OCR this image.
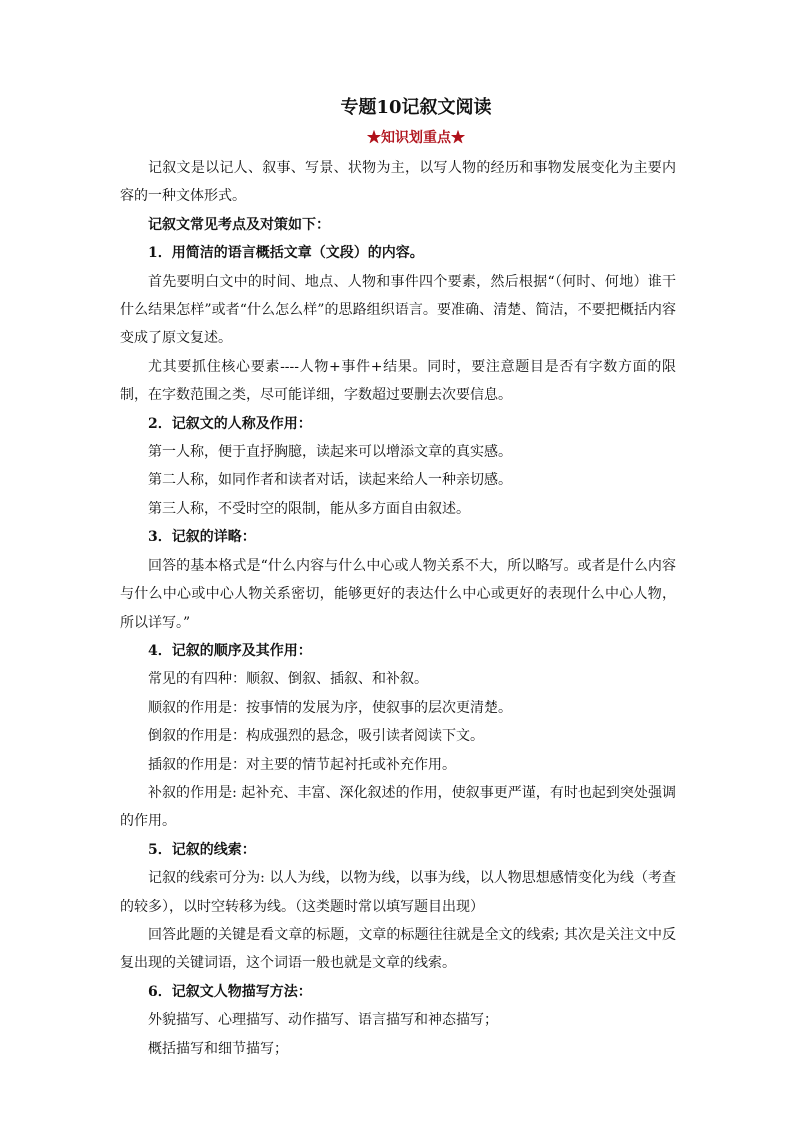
专题10记叙文阅读
★知识划重点★

记叙文是以记人、叙事、写景、状物为主，以写人物的经历和事物发展变化为主要内容的一种文体形式。

记叙文常见考点及对策如下：

1．用简洁的语言概括文章（文段）的内容。

首先要明白文中的时间、地点、人物和事件四个要素，然后根据“（何时、何地）谁干什么结果怎样”或者“什么怎么样”的思路组织语言。要准确、清楚、简洁，不要把概括内容变成了原文复述。

尤其要抓住核心要素----人物+事件+结果。同时，要注意题目是否有字数方面的限制，在字数范围之类，尽可能详细，字数超过要删去次要信息。

2．记叙文的人称及作用：

第一人称，便于直抒胸臆，读起来可以增添文章的真实感。

第二人称，如同作者和读者对话，读起来给人一种亲切感。

第三人称，不受时空的限制，能从多方面自由叙述。

3．记叙的详略：

回答的基本格式是“什么内容与什么中心或人物关系不大，所以略写。或者是什么内容与什么中心或中心人物关系密切，能够更好的表达什么中心或更好的表现什么中心人物，所以详写。”

4．记叙的顺序及其作用：

常见的有四种：顺叙、倒叙、插叙、和补叙。

顺叙的作用是：按事情的发展为序，使叙事的层次更清楚。

倒叙的作用是：构成强烈的悬念，吸引读者阅读下文。

插叙的作用是：对主要的情节起衬托或补充作用。

补叙的作用是: 起补充、丰富、深化叙述的作用，使叙事更严谨，有时也起到突处强调的作用。

5．记叙的线索：

记叙的线索可分为: 以人为线，以物为线，以事为线，以人物思想感情变化为线（考查的较多），以时空转移为线。（这类题时常以填写题目出现）

回答此题的关键是看文章的标题，文章的标题往往就是全文的线索; 其次是关注文中反复出现的关键词语，这个词语一般也就是文章的线索。

6．记叙文人物描写方法：

外貌描写、心理描写、动作描写、语言描写和神态描写；

概括描写和细节描写；
